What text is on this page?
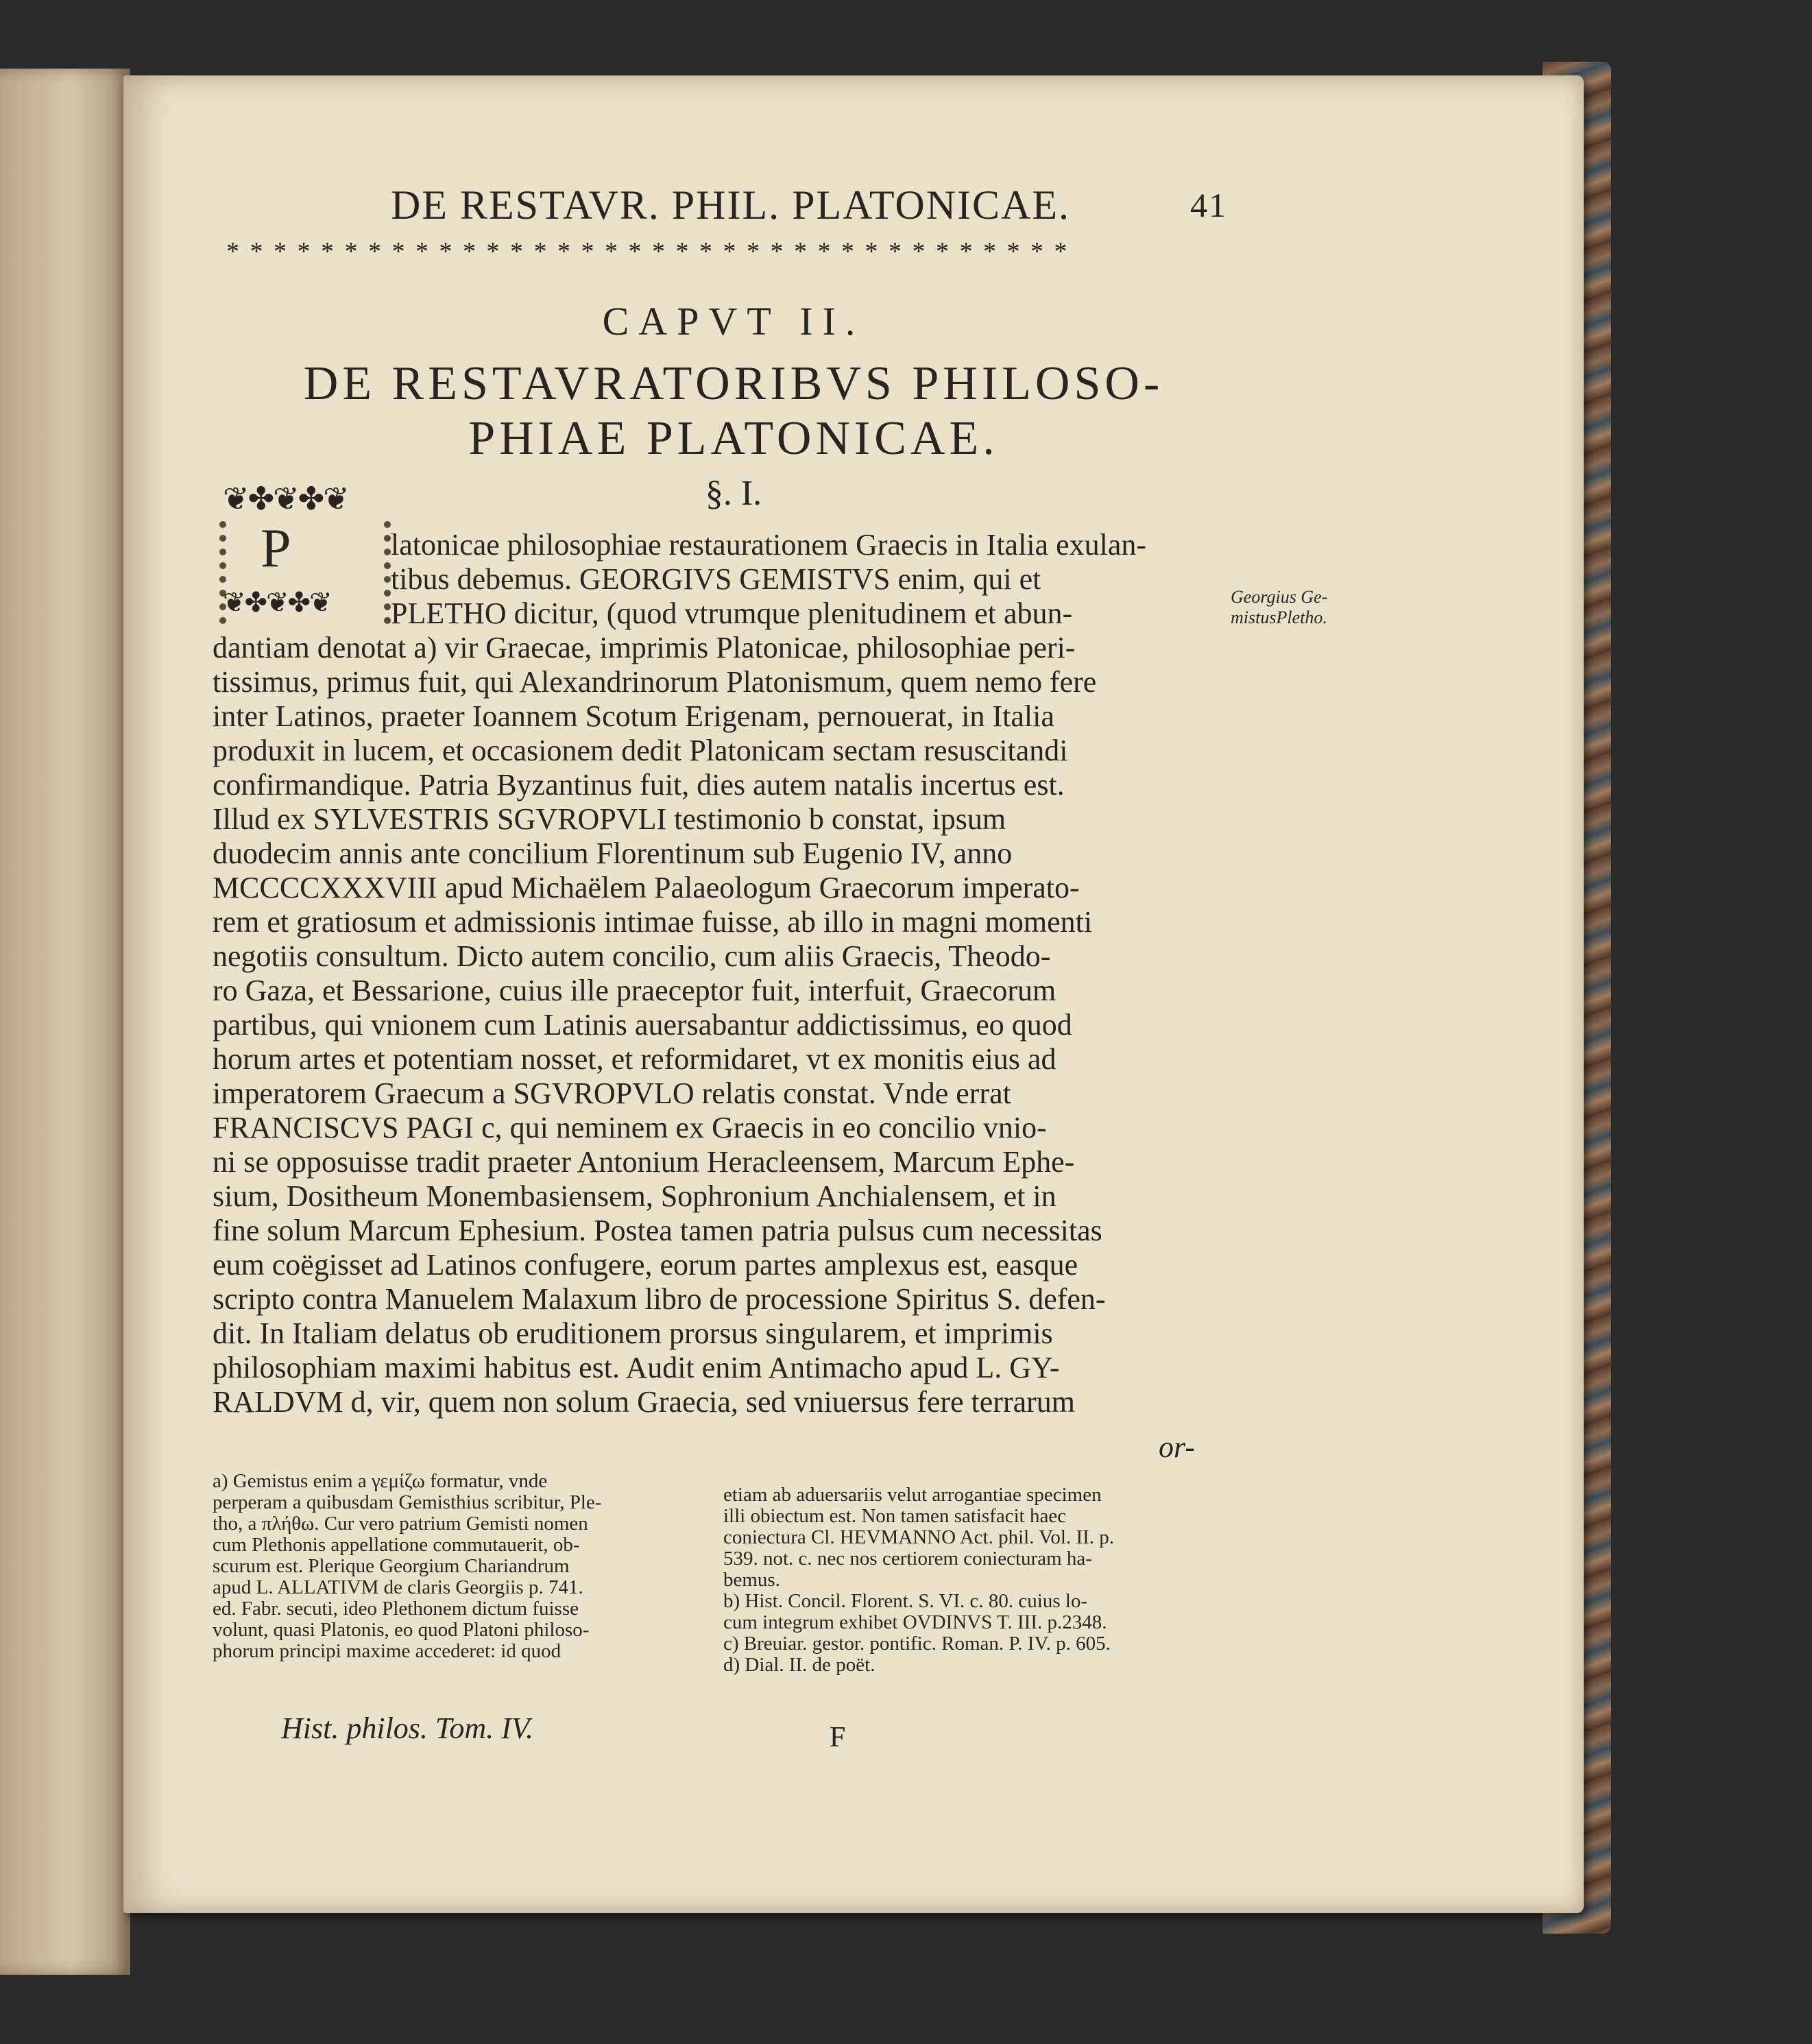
DE RESTAVR. PHIL. PLATONICAE.	41
* * * * * * * * * * * * * * * * * * * * * * * * * * * * * * * * * * * *
CAPVT II.
DE RESTAVRATORIBVS PHILOSO-
PHIAE PLATONICAE.
§. I.
❦✤❦✤❦
P
❦✤❦✤❦
latonicae philosophiae restaurationem Graecis in Italia exulan-
tibus debemus. GEORGIVS GEMISTVS enim, qui et
PLETHO dicitur, (quod vtrumque plenitudinem et abun-
dantiam denotat a) vir Graecae, imprimis Platonicae, philosophiae peri-
tissimus, primus fuit, qui Alexandrinorum Platonismum, quem nemo fere
inter Latinos, praeter Ioannem Scotum Erigenam, pernouerat, in Italia
produxit in lucem, et occasionem dedit Platonicam sectam resuscitandi
confirmandique. Patria Byzantinus fuit, dies autem natalis incertus est.
Illud ex SYLVESTRIS SGVROPVLI testimonio b constat, ipsum
duodecim annis ante concilium Florentinum sub Eugenio IV, anno
MCCCCXXXVIII apud Michaëlem Palaeologum Graecorum imperato-
rem et gratiosum et admissionis intimae fuisse, ab illo in magni momenti
negotiis consultum. Dicto autem concilio, cum aliis Graecis, Theodo-
ro Gaza, et Bessarione, cuius ille praeceptor fuit, interfuit, Graecorum
partibus, qui vnionem cum Latinis auersabantur addictissimus, eo quod
horum artes et potentiam nosset, et reformidaret, vt ex monitis eius ad
imperatorem Graecum a SGVROPVLO relatis constat. Vnde errat
FRANCISCVS PAGI c, qui neminem ex Graecis in eo concilio vnio-
ni se opposuisse tradit praeter Antonium Heracleensem, Marcum Ephe-
sium, Dositheum Monembasiensem, Sophronium Anchialensem, et in
fine solum Marcum Ephesium. Postea tamen patria pulsus cum necessitas
eum coëgisset ad Latinos confugere, eorum partes amplexus est, easque
scripto contra Manuelem Malaxum libro de processione Spiritus S. defen-
dit. In Italiam delatus ob eruditionem prorsus singularem, et imprimis
philosophiam maximi habitus est. Audit enim Antimacho apud L. GY-
RALDVM d, vir, quem non solum Graecia, sed vniuersus fere terrarum
Georgius Ge-
mistusPletho.
or-
a) Gemistus enim a γεμίζω formatur, vnde
perperam a quibusdam Gemisthius scribitur, Ple-
tho, a πλήθω. Cur vero patrium Gemisti nomen
cum Plethonis appellatione commutauerit, ob-
scurum est. Plerique Georgium Chariandrum
apud L. ALLATIVM de claris Georgiis p. 741.
ed. Fabr. secuti, ideo Plethonem dictum fuisse
volunt, quasi Platonis, eo quod Platoni philoso-
phorum principi maxime accederet: id quod
etiam ab aduersariis velut arrogantiae specimen
illi obiectum est. Non tamen satisfacit haec
coniectura Cl. HEVMANNO Act. phil. Vol. II. p.
539. not. c. nec nos certiorem coniecturam ha-
bemus.
b) Hist. Concil. Florent. S. VI. c. 80. cuius lo-
cum integrum exhibet OVDINVS T. III. p.2348.
c) Breuiar. gestor. pontific. Roman. P. IV. p. 605.
d) Dial. II. de poët.
Hist. philos. Tom. IV.	F
